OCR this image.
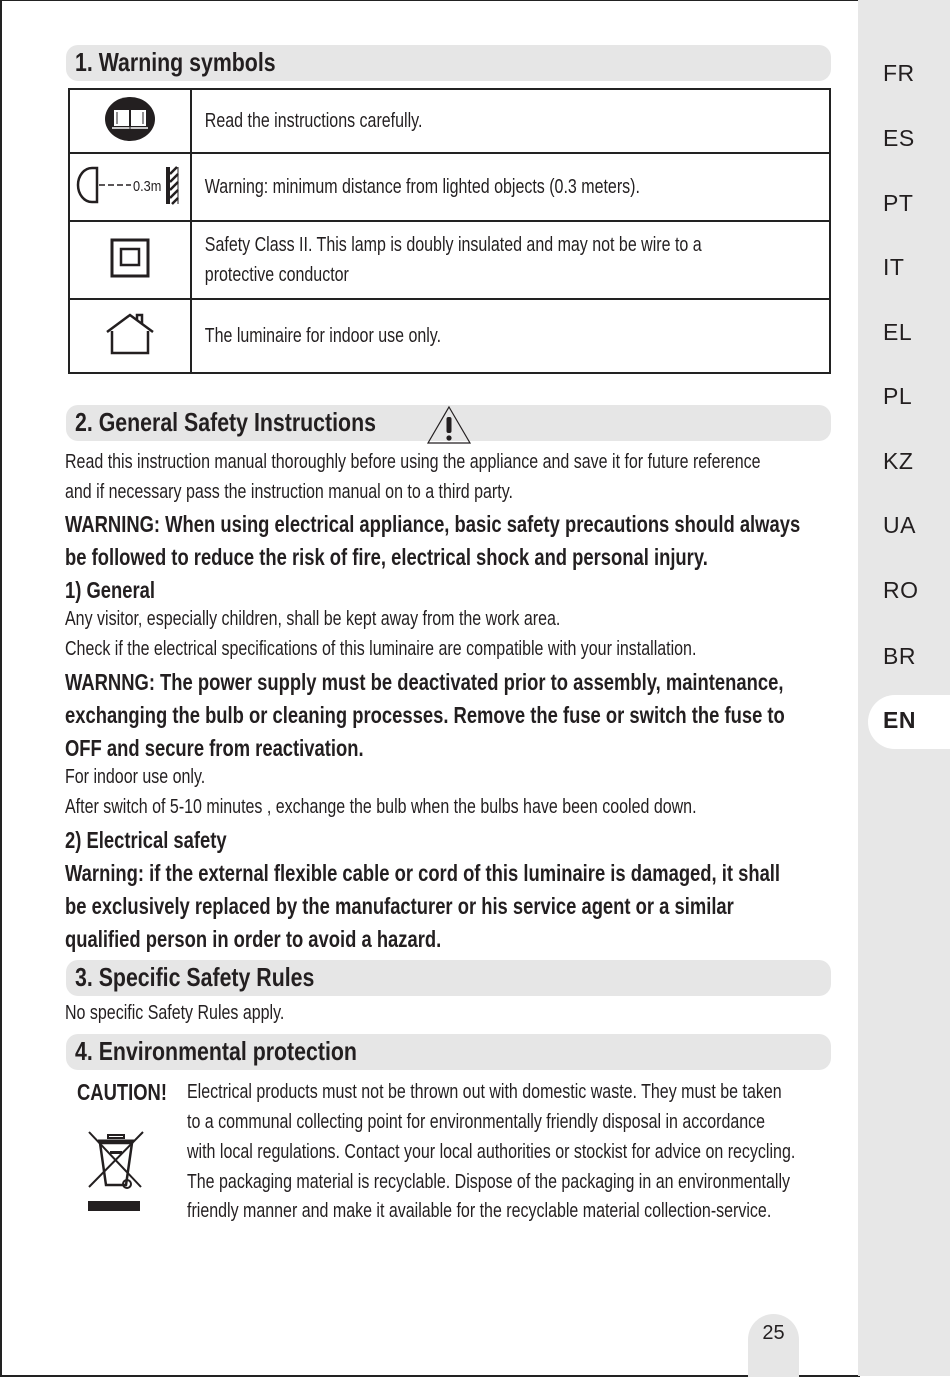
1. Warning symbols

Read the instructions carefully.

0.3m	Warning: minimum distance from lighted objects (0.3 meters).

Safety Class II. This lamp is doubly insulated and may not be wire to a
protective conductor

The luminaire for indoor use only.
2. General Safety Instructions
Read this instruction manual thoroughly before using the appliance and save it for future reference
and if necessary pass the instruction manual on to a third party.
WARNING: When using electrical appliance, basic safety precautions should always
be followed to reduce the risk of fire, electrical shock and personal injury.
1) General
Any visitor, especially children, shall be kept away from the work area.
Check if the electrical specifications of this luminaire are compatible with your installation.
WARNNG: The power supply must be deactivated prior to assembly, maintenance,
exchanging the bulb or cleaning processes. Remove the fuse or switch the fuse to
OFF and secure from reactivation.
For indoor use only.
After switch of 5-10 minutes , exchange the bulb when the bulbs have been cooled down.
2) Electrical safety
Warning: if the external flexible cable or cord of this luminaire is damaged, it shall
be exclusively replaced by the manufacturer or his service agent or a similar
qualified person in order to avoid a hazard.
3. Specific Safety Rules
No specific Safety Rules apply.
4. Environmental protection
CAUTION! Electrical products must not be thrown out with domestic waste. They must be taken
to a communal collecting point for environmentally friendly disposal in accordance
with local regulations. Contact your local authorities or stockist for advice on recycling.
The packaging material is recyclable. Dispose of the packaging in an environmentally
friendly manner and make it available for the recyclable material collection-service.
25
FR
ES
PT
IT
EL
PL
KZ
UA
RO
BR
EN
